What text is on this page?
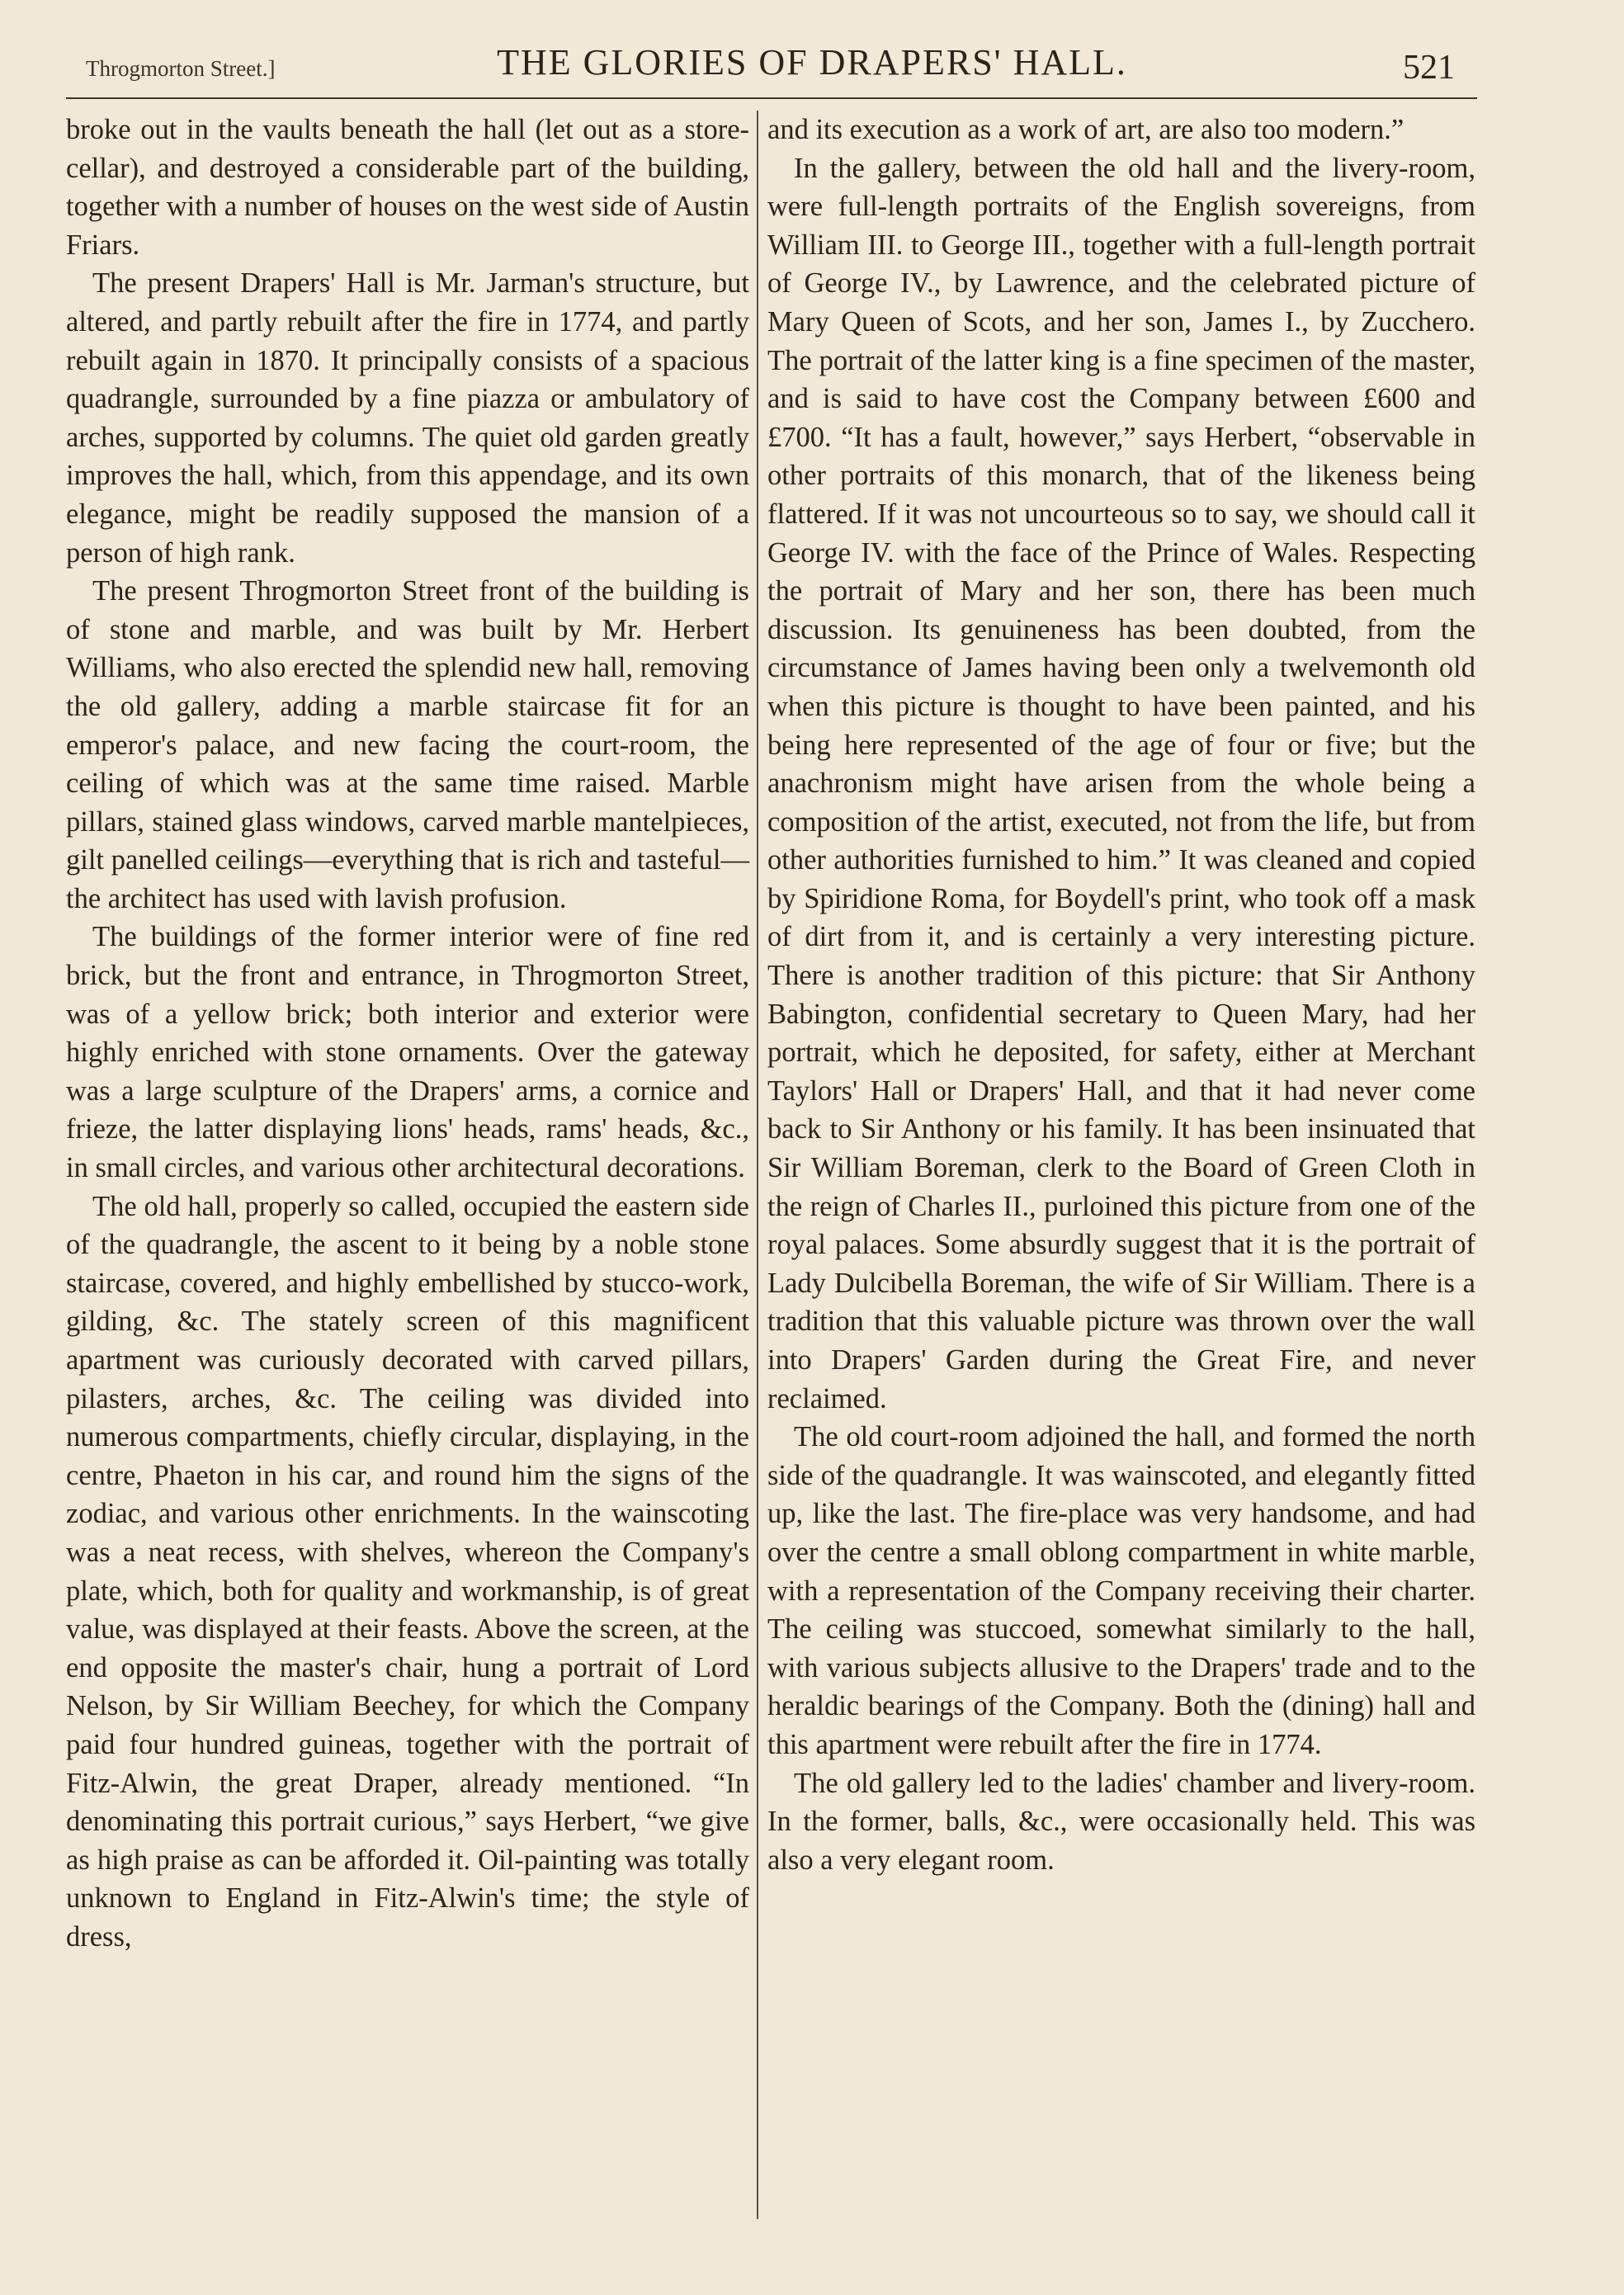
Throgmorton Street.]	THE GLORIES OF DRAPERS' HALL.	521

broke out in the vaults beneath the hall (let out as a store-cellar), and destroyed a considerable part of the building, together with a number of houses on the west side of Austin Friars.

The present Drapers' Hall is Mr. Jarman's structure, but altered, and partly rebuilt after the fire in 1774, and partly rebuilt again in 1870. It principally consists of a spacious quadrangle, surrounded by a fine piazza or ambulatory of arches, supported by columns. The quiet old garden greatly improves the hall, which, from this appendage, and its own elegance, might be readily supposed the mansion of a person of high rank.

The present Throgmorton Street front of the building is of stone and marble, and was built by Mr. Herbert Williams, who also erected the splendid new hall, removing the old gallery, adding a marble staircase fit for an emperor's palace, and new facing the court-room, the ceiling of which was at the same time raised. Marble pillars, stained glass windows, carved marble mantelpieces, gilt panelled ceilings—everything that is rich and tasteful—the architect has used with lavish profusion.

The buildings of the former interior were of fine red brick, but the front and entrance, in Throgmorton Street, was of a yellow brick; both interior and exterior were highly enriched with stone ornaments. Over the gateway was a large sculpture of the Drapers' arms, a cornice and frieze, the latter displaying lions' heads, rams' heads, &c., in small circles, and various other architectural decorations.

The old hall, properly so called, occupied the eastern side of the quadrangle, the ascent to it being by a noble stone staircase, covered, and highly embellished by stucco-work, gilding, &c. The stately screen of this magnificent apartment was curiously decorated with carved pillars, pilasters, arches, &c. The ceiling was divided into numerous compartments, chiefly circular, displaying, in the centre, Phaeton in his car, and round him the signs of the zodiac, and various other enrichments. In the wainscoting was a neat recess, with shelves, whereon the Company's plate, which, both for quality and workmanship, is of great value, was displayed at their feasts. Above the screen, at the end opposite the master's chair, hung a portrait of Lord Nelson, by Sir William Beechey, for which the Company paid four hundred guineas, together with the portrait of Fitz-Alwin, the great Draper, already mentioned. “In denominating this portrait curious,” says Herbert, “we give as high praise as can be afforded it. Oil-painting was totally unknown to England in Fitz-Alwin's time; the style of dress,

and its execution as a work of art, are also too modern.”

In the gallery, between the old hall and the livery-room, were full-length portraits of the English sovereigns, from William III. to George III., together with a full-length portrait of George IV., by Lawrence, and the celebrated picture of Mary Queen of Scots, and her son, James I., by Zucchero. The portrait of the latter king is a fine specimen of the master, and is said to have cost the Company between £600 and £700. “It has a fault, however,” says Herbert, “observable in other portraits of this monarch, that of the likeness being flattered. If it was not uncourteous so to say, we should call it George IV. with the face of the Prince of Wales. Respecting the portrait of Mary and her son, there has been much discussion. Its genuineness has been doubted, from the circumstance of James having been only a twelvemonth old when this picture is thought to have been painted, and his being here represented of the age of four or five; but the anachronism might have arisen from the whole being a composition of the artist, executed, not from the life, but from other authorities furnished to him.” It was cleaned and copied by Spiridione Roma, for Boydell's print, who took off a mask of dirt from it, and is certainly a very interesting picture. There is another tradition of this picture: that Sir Anthony Babington, confidential secretary to Queen Mary, had her portrait, which he deposited, for safety, either at Merchant Taylors' Hall or Drapers' Hall, and that it had never come back to Sir Anthony or his family. It has been insinuated that Sir William Boreman, clerk to the Board of Green Cloth in the reign of Charles II., purloined this picture from one of the royal palaces. Some absurdly suggest that it is the portrait of Lady Dulcibella Boreman, the wife of Sir William. There is a tradition that this valuable picture was thrown over the wall into Drapers' Garden during the Great Fire, and never reclaimed.

The old court-room adjoined the hall, and formed the north side of the quadrangle. It was wainscoted, and elegantly fitted up, like the last. The fire-place was very handsome, and had over the centre a small oblong compartment in white marble, with a representation of the Company receiving their charter. The ceiling was stuccoed, somewhat similarly to the hall, with various subjects allusive to the Drapers' trade and to the heraldic bearings of the Company. Both the (dining) hall and this apartment were rebuilt after the fire in 1774.

The old gallery led to the ladies' chamber and livery-room. In the former, balls, &c., were occasionally held. This was also a very elegant room.
